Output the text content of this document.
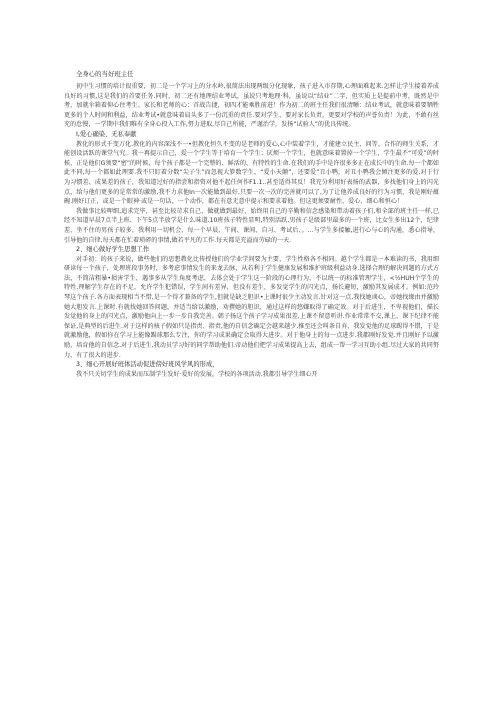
全身心的当好班主任

初中生习惯的培计很重要，初二是一个学习上的分水岭,很简法出现两级分化现象，孩子进入市存期,心理面难起来.怎样让学生接着养成良好的习惯,这是我们的首要任务.同时，初二还有地理结业考试，虽说只考地理·科，虽说以“结业”二字，但实质上是提前中考，既然是中考，加就伞箱着仰心住考生、家长和老师的心：首战告捷，初四才能乘胜前进！作为初二的班主任我们很清晰：结业考试，就意味着要牺牲更多的个人时间和利益，结业考试•就意味着肩头多了一份沉重的责任.要对学生、要对家长负责，更要对学校的声誉负责！为此，不敢有丝充的怠慢，一学期中我们唯有全身心投入工作,努力进取,尽自己所能，严谨治学，发扬“试验人”的优良传统。

I,爱心确染、无私奉献

教化的形式千变万化.教化的内容深浅不一•但教化恒久不变的是老师的爱心,心中装着学生，才能建立民主、问等、合作的师生关系，才能创设活跃的课堂气究。我一再提示自己，爱一个学生等于培育一个学生；厌烦一个学生，也就意味着置掉一个学生，学生最不“可爱”的时候，正是他们G须要“密”的时候，每个孩子都是一个完整的、鲜活的、有特性的生命.在我们的手中是许很多多正在成长中的生命.每一个都如此不同,每一个都如此理要.我不只盯着分数“尖子生”而忽视大箩数学生，“爱小天颠”，还要爱”丑小鸭，对丑小鸭我会倾注更多的爱.对于行为习惯差、成果差的孩子，我知道过好的指尝和指资对他不起任何作F1.1..甚至适得其反！我充分利用好表扬的武器，多找他们身上的闪光点，给与他们更多的是常常的激励,我不力求他In一次能做到最好,只要一次一次的完善就可以了,为了让他养成良好的行为习惯，我是刚好蕴碗.刚好订正，或是一个眼神·或是一句话、一个动作，都在有意无意中提示和要求着他。但这更须要耐性、爱心、细心和恒心！

我做事比较呷细,追求完毕，甚至比较苛求自己，做就做到最好，始终用自己的辛勤和信念感染和带动着孩子们,和全部的班主任一样,已经不知道早晨7点半上班、下午5点半放学是什么味道.10班孩子特性显明,特别活跃,男孩子是级部里最多的一个班，比女生多出12个，纪律差，坐不住的男孩子较多，我利用一切机会，每一个早晨、午间、课间、自习、考试后、。...与学生多接触,进行心与心的沟通，悉心指导，引导他的自律,每天都在忙着琐碎的事情,做若平凡的工作.每天都是充溢而劳碌的一天.

2、细心做好学生思想工作

对手初：的孩子来说，做些他们的思想教化比传授他们的学业学问要为主要，学生性格各不相同。越个学生都是一本难读的书，我用细研读每一个孩子，处理班段事务时，多考虑事情发生的来龙去脉，从若利于学生健康发展和维护班级利益动身.选择合理的解决问题的方式方法，不简洁粗暴•损害学生，遇事多从学生角度考虑，去体会处于学生这一阶段的心理行为，不以统一的标准管理学生，<½HUH个学生的特性.理解学生存在的不足，允许学生犯错误，学生间有差异，但没有差生，多发觉学生的闪光点，扬长避短，激励其发展成才。例如:范玲琴这个孩子.各方面表现相当不惜,是一个得才兼备的学生,但就是缺乏胆识•上课时很少主动发言.针对这一点,我找她谈心，帝她找缘由并激励她大胆发言.上课时.有就找她回答问题，并适当给以激励，劝撰她的胆识，通过这样的悠嫌取得了确定效。对于后进生，不卑视他们，描长发觉他的身上的闪光点，激励他向上一步一步自我完善。韩子扬这个孩子学习成果很差,上课不留意听讲.作业常常不交,课上、课下纪律不能保证,是典型的后进生.对于这样的核子假如只是指责、指责,他的自信念确定会越来越少,推至还会叫条自弃，我发觉他的足球踢得不错，于是就激励他，假如你在学习上能像踢球那么专注，你的学习成果确定会取得大进步。对于他身上的每一点进步.我都刚好发觉.并且刚好予以激励，培育他的自信念.对于后进生,我动员学习好的同学帮助他们.帝动他们把学习成果提高上去，组成一帮一学习互助小组.尽过大家的共同努力，有了很大的进步.

3、细心开展好班体活动促进傍好班风学风的形成，

我不只关切学生的成果而压制学生发好·爱好的发展，学校的各项活动.我都引导学生细心开
